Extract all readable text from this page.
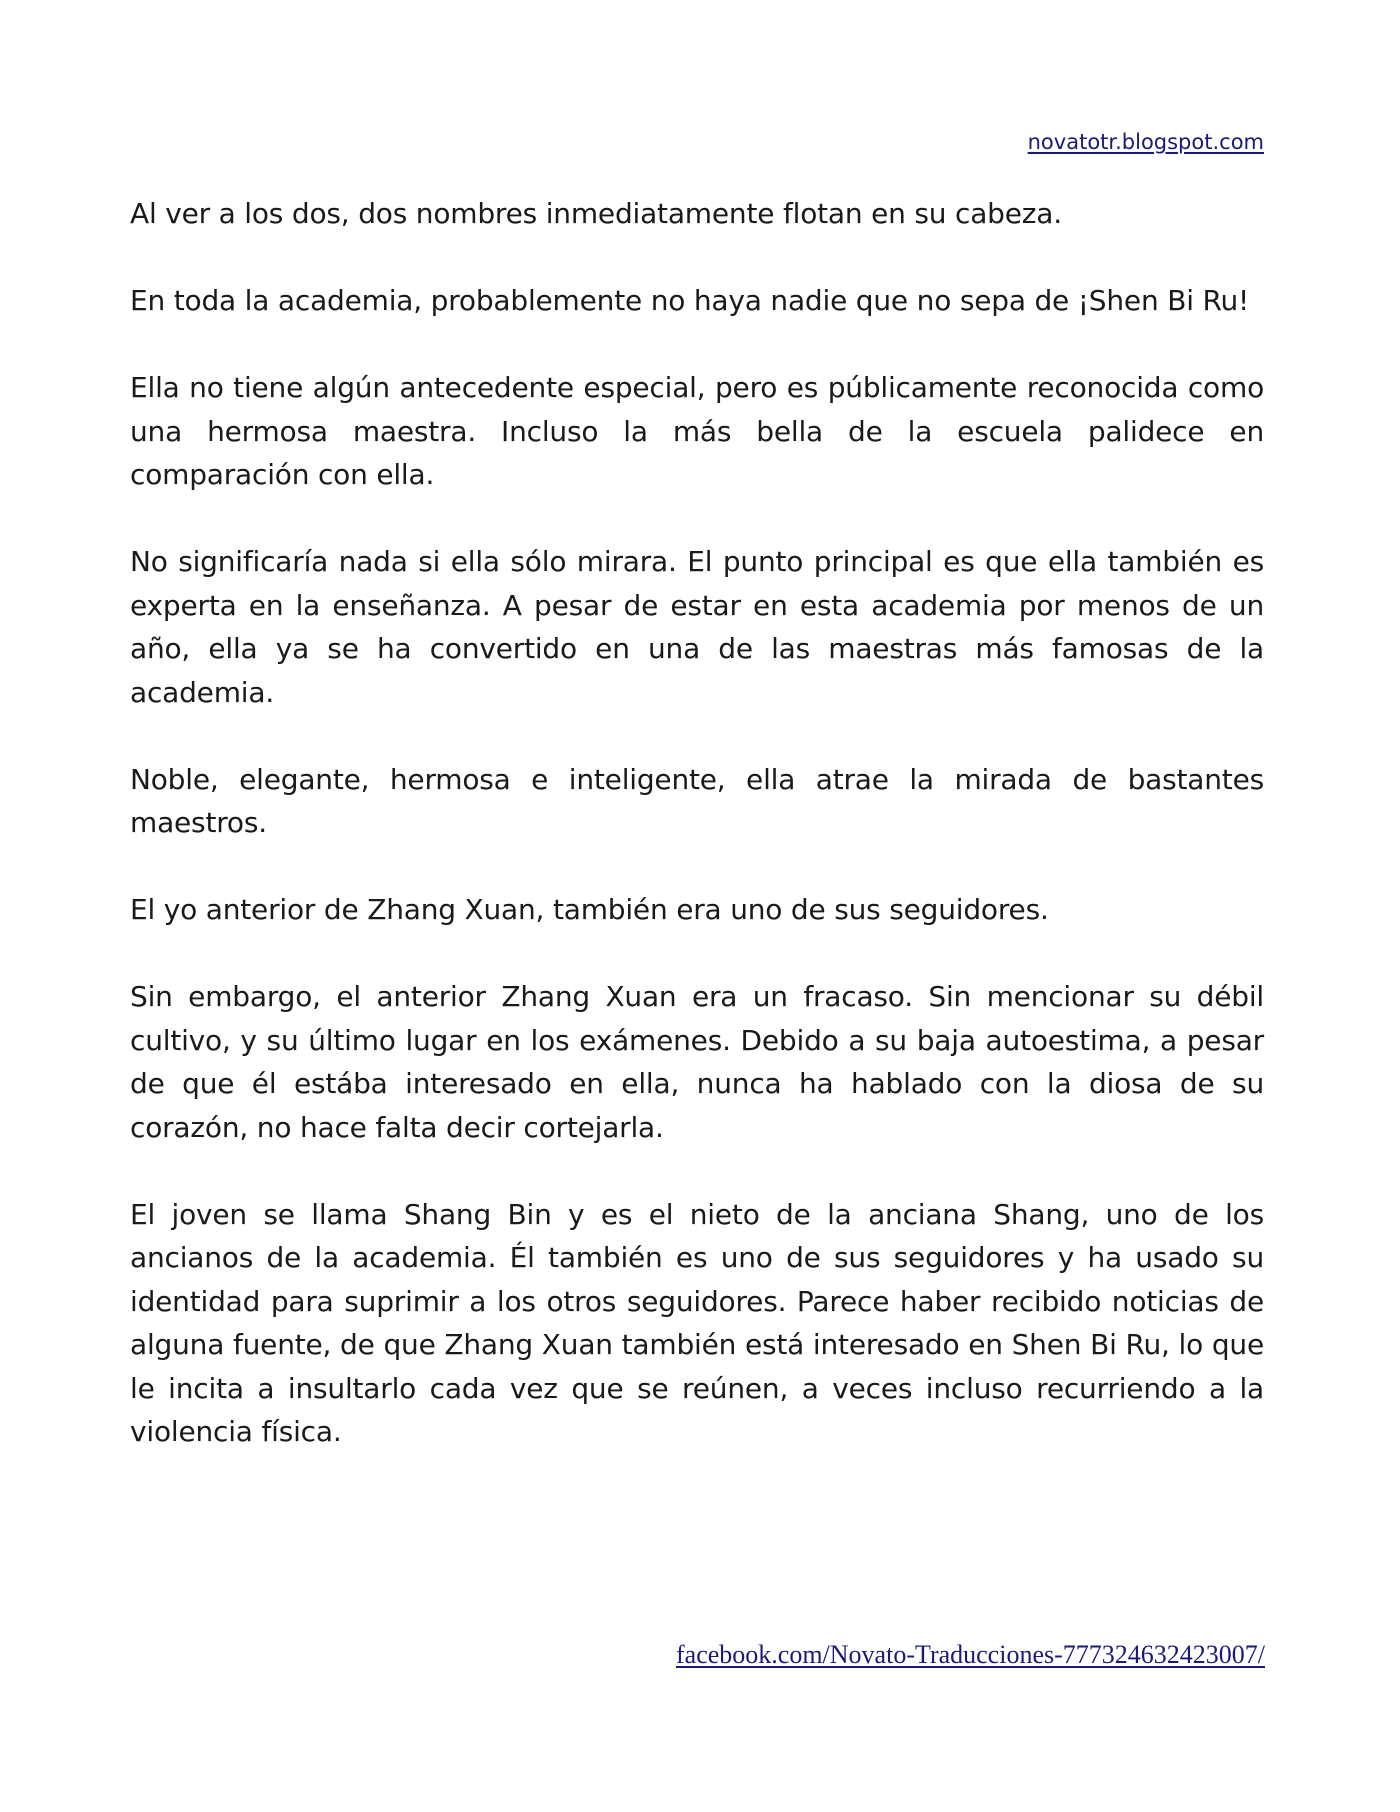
novatotr.blogspot.com

Al ver a los dos, dos nombres inmediatamente flotan en su cabeza.

En toda la academia, probablemente no haya nadie que no sepa de ¡Shen Bi Ru!

Ella no tiene algún antecedente especial, pero es públicamente reconocida como una hermosa maestra. Incluso la más bella de la escuela palidece en comparación con ella.

No significaría nada si ella sólo mirara. El punto principal es que ella también es experta en la enseñanza. A pesar de estar en esta academia por menos de un año, ella ya se ha convertido en una de las maestras más famosas de la academia.

Noble, elegante, hermosa e inteligente, ella atrae la mirada de bastantes maestros.

El yo anterior de Zhang Xuan, también era uno de sus seguidores.

Sin embargo, el anterior Zhang Xuan era un fracaso. Sin mencionar su débil cultivo, y su último lugar en los exámenes. Debido a su baja autoestima, a pesar de que él estába interesado en ella, nunca ha hablado con la diosa de su corazón, no hace falta decir cortejarla.

El joven se llama Shang Bin y es el nieto de la anciana Shang, uno de los ancianos de la academia. Él también es uno de sus seguidores y ha usado su identidad para suprimir a los otros seguidores. Parece haber recibido noticias de alguna fuente, de que Zhang Xuan también está interesado en Shen Bi Ru, lo que le incita a insultarlo cada vez que se reúnen, a veces incluso recurriendo a la violencia física.

facebook.com/Novato-Traducciones-777324632423007/
